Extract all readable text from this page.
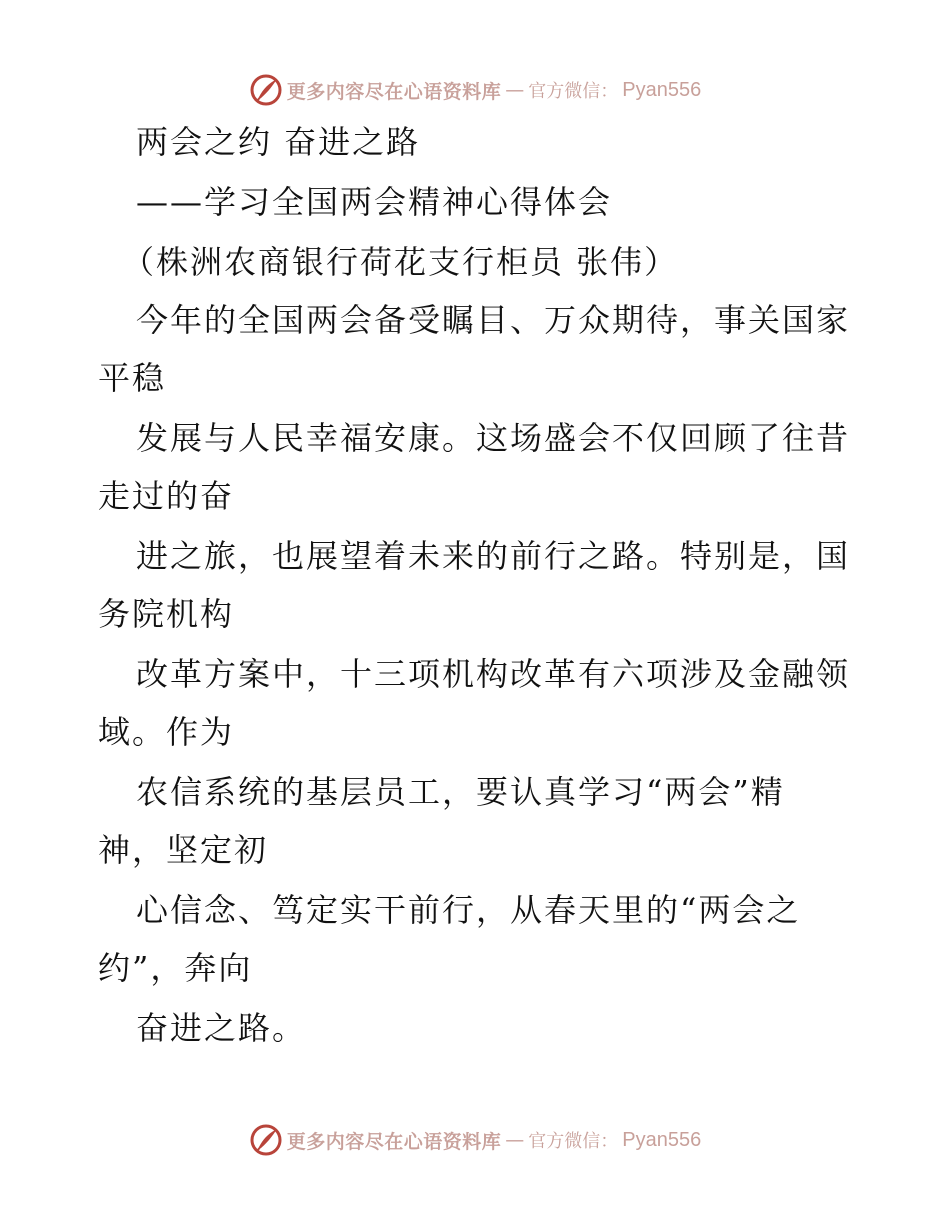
更多内容尽在心语资料库 — 官方微信： Pyan556
两会之约 奋进之路
——学习全国两会精神心得体会
（株洲农商银行荷花支行柜员 张伟）
今年的全国两会备受瞩目、万众期待，事关国家
平稳
发展与人民幸福安康。这场盛会不仅回顾了往昔
走过的奋
进之旅，也展望着未来的前行之路。特别是，国
务院机构
改革方案中，十三项机构改革有六项涉及金融领
域。作为
农信系统的基层员工，要认真学习“两会”精
神，坚定初
心信念、笃定实干前行，从春天里的“两会之
约”，奔向
奋进之路。
更多内容尽在心语资料库 — 官方微信： Pyan556
